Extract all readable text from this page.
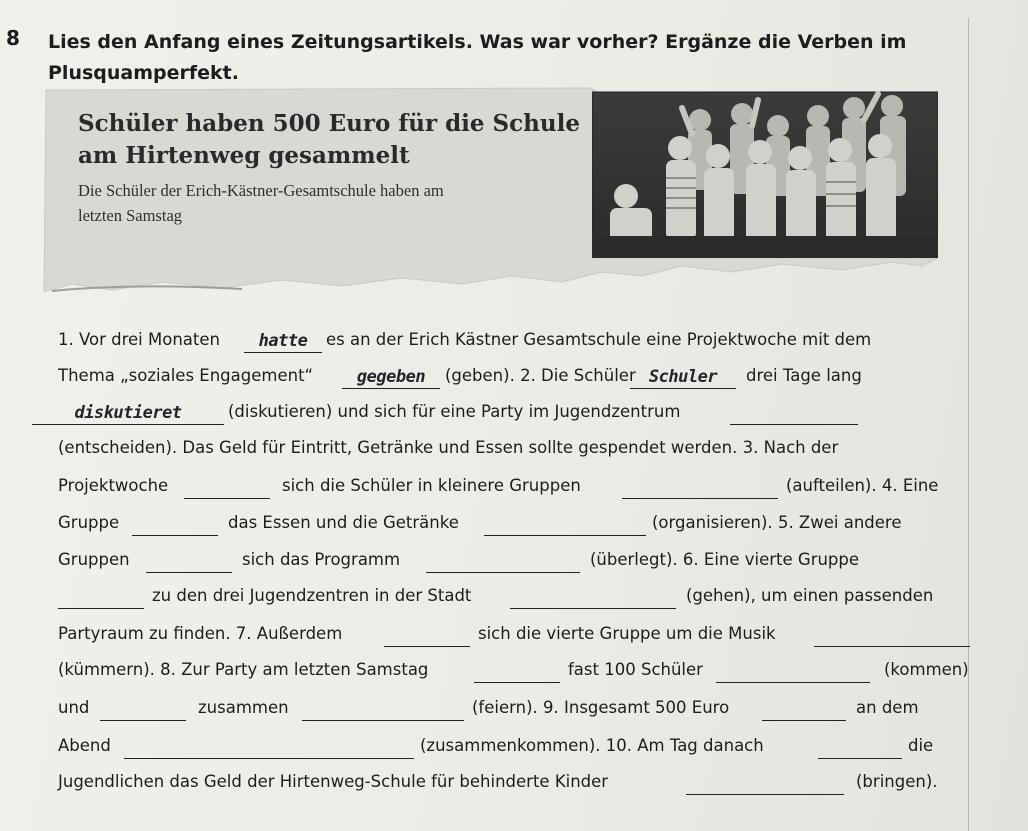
8 Lies den Anfang eines Zeitungsartikels. Was war vorher? Ergänze die Verben im Plusquamperfekt.
Schüler haben 500 Euro für die Schule
am Hirtenweg gesammelt
Die Schüler der Erich-Kästner-Gesamtschule haben am
letzten Samstag
1. Vor drei Monaten	hatte	es an der Erich Kästner Gesamtschule eine Projektwoche mit dem
Thema „soziales Engagement“	gegeben	(geben). 2. Die Schüler Schuler	drei Tage lang
diskutieret	(diskutieren) und sich für eine Party im Jugendzentrum
(entscheiden). Das Geld für Eintritt, Getränke und Essen sollte gespendet werden. 3. Nach der
Projektwoche	sich die Schüler in kleinere Gruppen	(aufteilen). 4. Eine
Gruppe	das Essen und die Getränke	(organisieren). 5. Zwei andere
Gruppen	sich das Programm	(überlegt). 6. Eine vierte Gruppe
zu den drei Jugendzentren in der Stadt	(gehen), um einen passenden
Partyraum zu finden. 7. Außerdem	sich die vierte Gruppe um die Musik
(kümmern). 8. Zur Party am letzten Samstag	fast 100 Schüler	(kommen)
und	zusammen	(feiern). 9. Insgesamt 500 Euro	an dem
Abend	(zusammenkommen). 10. Am Tag danach	die
Jugendlichen das Geld der Hirtenweg-Schule für behinderte Kinder	(bringen).
